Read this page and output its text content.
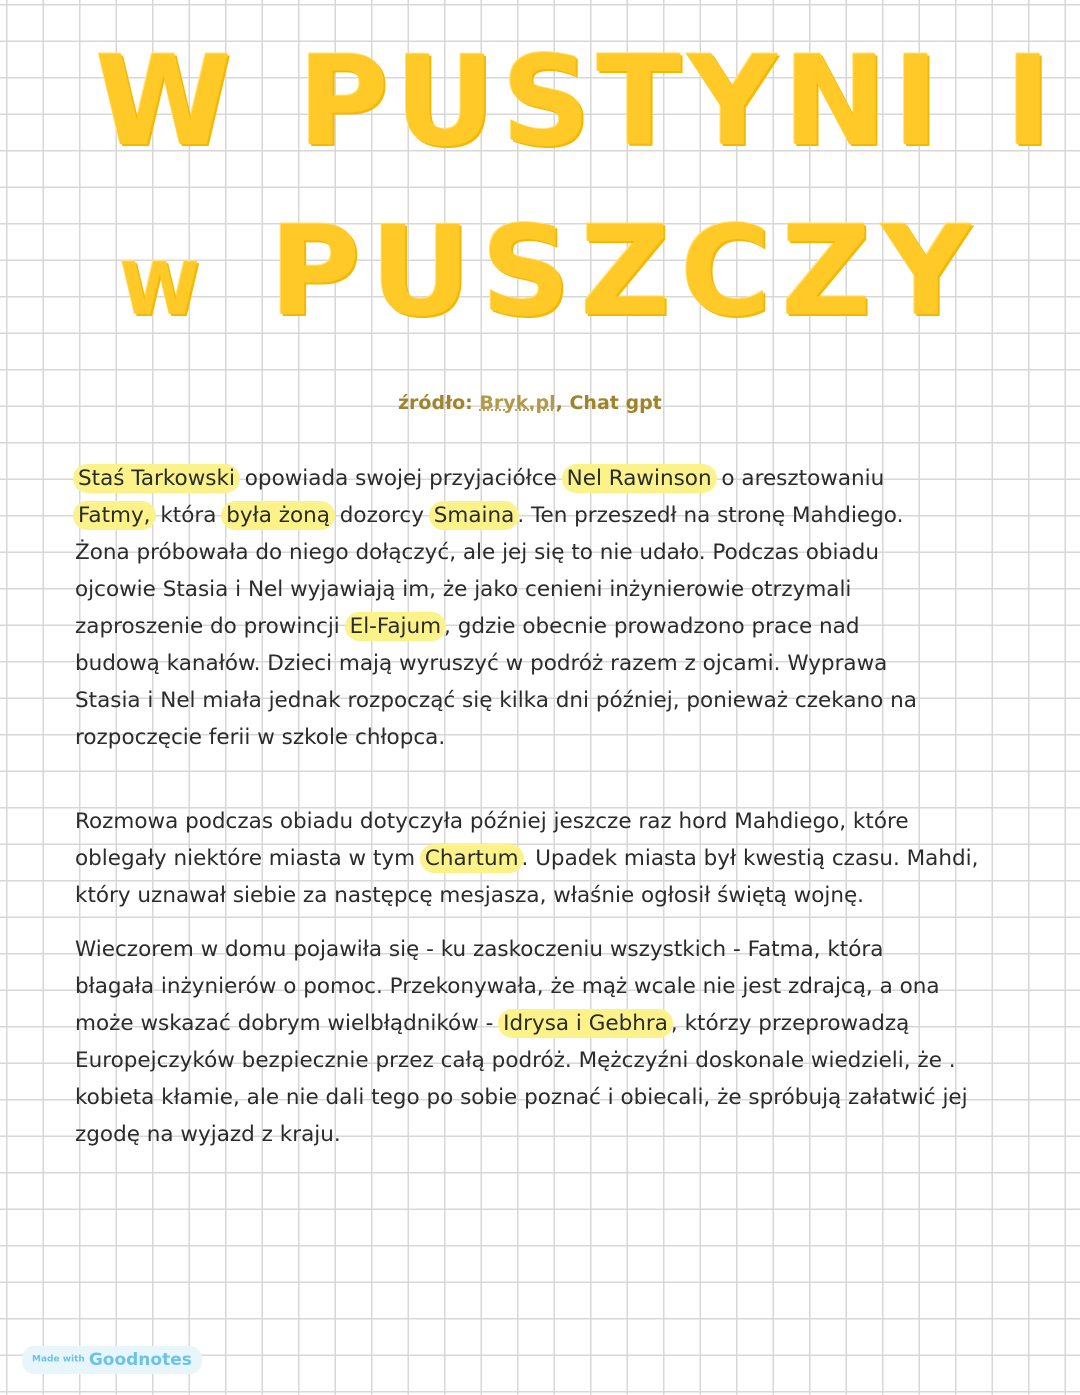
W PUSTYNI I
W PUSZCZY
źródło: Bryk.pl, Chat gpt
Staś Tarkowski opowiada swojej przyjaciółce Nel Rawinson o aresztowaniu
Fatmy, która była żoną dozorcy Smaina . Ten przeszedł na stronę Mahdiego.
Żona próbowała do niego dołączyć, ale jej się to nie udało. Podczas obiadu
ojcowie Stasia i Nel wyjawiają im, że jako cenieni inżynierowie otrzymali
zaproszenie do prowincji El-Fajum , gdzie obecnie prowadzono prace nad
budową kanałów. Dzieci mają wyruszyć w podróż razem z ojcami. Wyprawa
Stasia i Nel miała jednak rozpocząć się kilka dni później, ponieważ czekano na
rozpoczęcie ferii w szkole chłopca.
Rozmowa podczas obiadu dotyczyła później jeszcze raz hord Mahdiego, które
oblegały niektóre miasta w tym Chartum . Upadek miasta był kwestią czasu. Mahdi,
który uznawał siebie za następcę mesjasza, właśnie ogłosił świętą wojnę.
Wieczorem w domu pojawiła się - ku zaskoczeniu wszystkich - Fatma, która
błagała inżynierów o pomoc. Przekonywała, że mąż wcale nie jest zdrajcą, a ona
może wskazać dobrym wielbłądników - Idrysa i Gebhra , którzy przeprowadzą
Europejczyków bezpiecznie przez całą podróż. Mężczyźni doskonale wiedzieli, że .
kobieta kłamie, ale nie dali tego po sobie poznać i obiecali, że spróbują załatwić jej
zgodę na wyjazd z kraju.
Made with Goodnotes
